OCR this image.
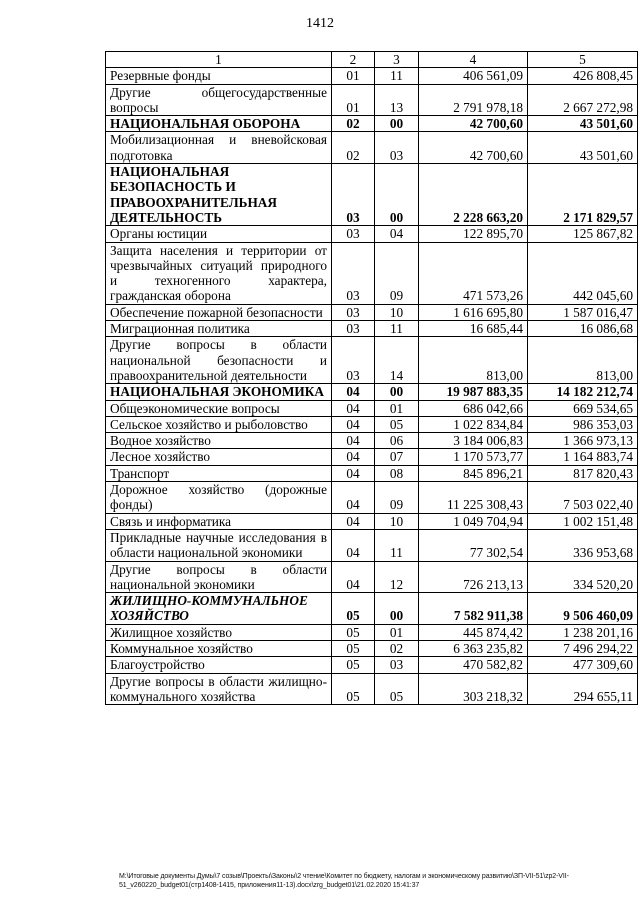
1412
1	2	3	4	5
Резервные фонды	01	11	406 561,09	426 808,45
Другие общегосударственные вопросы	01	13	2 791 978,18	2 667 272,98
НАЦИОНАЛЬНАЯ ОБОРОНА	02	00	42 700,60	43 501,60
Мобилизационная и вневойсковая подготовка	02	03	42 700,60	43 501,60
НАЦИОНАЛЬНАЯ БЕЗОПАСНОСТЬ И ПРАВООХРАНИТЕЛЬНАЯ ДЕЯТЕЛЬНОСТЬ	03	00	2 228 663,20	2 171 829,57
Органы юстиции	03	04	122 895,70	125 867,82
Защита населения и территории от чрезвычайных ситуаций природного и техногенного характера, гражданская оборона	03	09	471 573,26	442 045,60
Обеспечение пожарной безопасности	03	10	1 616 695,80	1 587 016,47
Миграционная политика	03	11	16 685,44	16 086,68
Другие вопросы в области национальной безопасности и правоохранительной деятельности	03	14	813,00	813,00
НАЦИОНАЛЬНАЯ ЭКОНОМИКА	04	00	19 987 883,35	14 182 212,74
Общеэкономические вопросы	04	01	686 042,66	669 534,65
Сельское хозяйство и рыболовство	04	05	1 022 834,84	986 353,03
Водное хозяйство	04	06	3 184 006,83	1 366 973,13
Лесное хозяйство	04	07	1 170 573,77	1 164 883,74
Транспорт	04	08	845 896,21	817 820,43
Дорожное хозяйство (дорожные фонды)	04	09	11 225 308,43	7 503 022,40
Связь и информатика	04	10	1 049 704,94	1 002 151,48
Прикладные научные исследования в области национальной экономики	04	11	77 302,54	336 953,68
Другие вопросы в области национальной экономики	04	12	726 213,13	334 520,20
ЖИЛИЩНО-КОММУНАЛЬНОЕ ХОЗЯЙСТВО	05	00	7 582 911,38	9 506 460,09
Жилищное хозяйство	05	01	445 874,42	1 238 201,16
Коммунальное хозяйство	05	02	6 363 235,82	7 496 294,22
Благоустройство	05	03	470 582,82	477 309,60
Другие вопросы в области жилищно-коммунального хозяйства	05	05	303 218,32	294 655,11
M:\Итоговые документы Думы\7 созыв\Проекты\Законы\2 чтение\Комитет по бюджету, налогам и экономическому развитию\ЗП-VII-51\zp2-VII-51_v260220_budget01(стр1408-1415, приложения11-13).docx\zrg_budget01\21.02.2020 15:41:37
